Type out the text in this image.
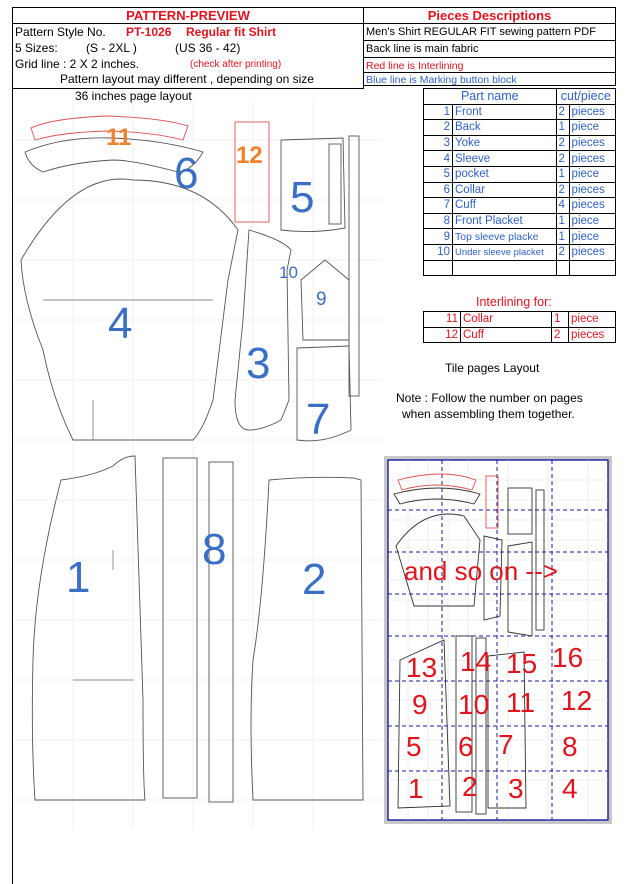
PATTERN-PREVIEW	Pieces Descriptions
Pattern Style No. PT-1026 Regular fit Shirt
5 Sizes: (S - 2XL )	(US 36 - 42)
Grid line : 2 X 2 inches.	(check after printing)
Pattern layout may different , depending on size
Men's Shirt REGULAR FIT sewing pattern PDF
Back line is main fabric
Red line is Interlining
Blue line is Marking button block
36 inches page layout
11
6 12
5
10
9
4
3
7
1
8
2
Part name		cut/piece	
1	Front	2	pieces
2	Back	1	piece
3	Yoke	2	pieces
4	Sleeve	2	pieces
5	pocket	1	piece
6	Collar	2	pieces
7	Cuff	4	pieces
8	Front Placket	1	piece
9	Top sleeve placke	1	piece
10	Under sleeve placket	2	pieces

Interlining for:
11	Collar	1	piece
12	Cuff	2	pieces
Tile pages Layout
Note : Follow the number on pages
when assembling them together.
and so on -->
13 14 15 16
9 10 11 12
5 6 7 8
1 2 3 4
